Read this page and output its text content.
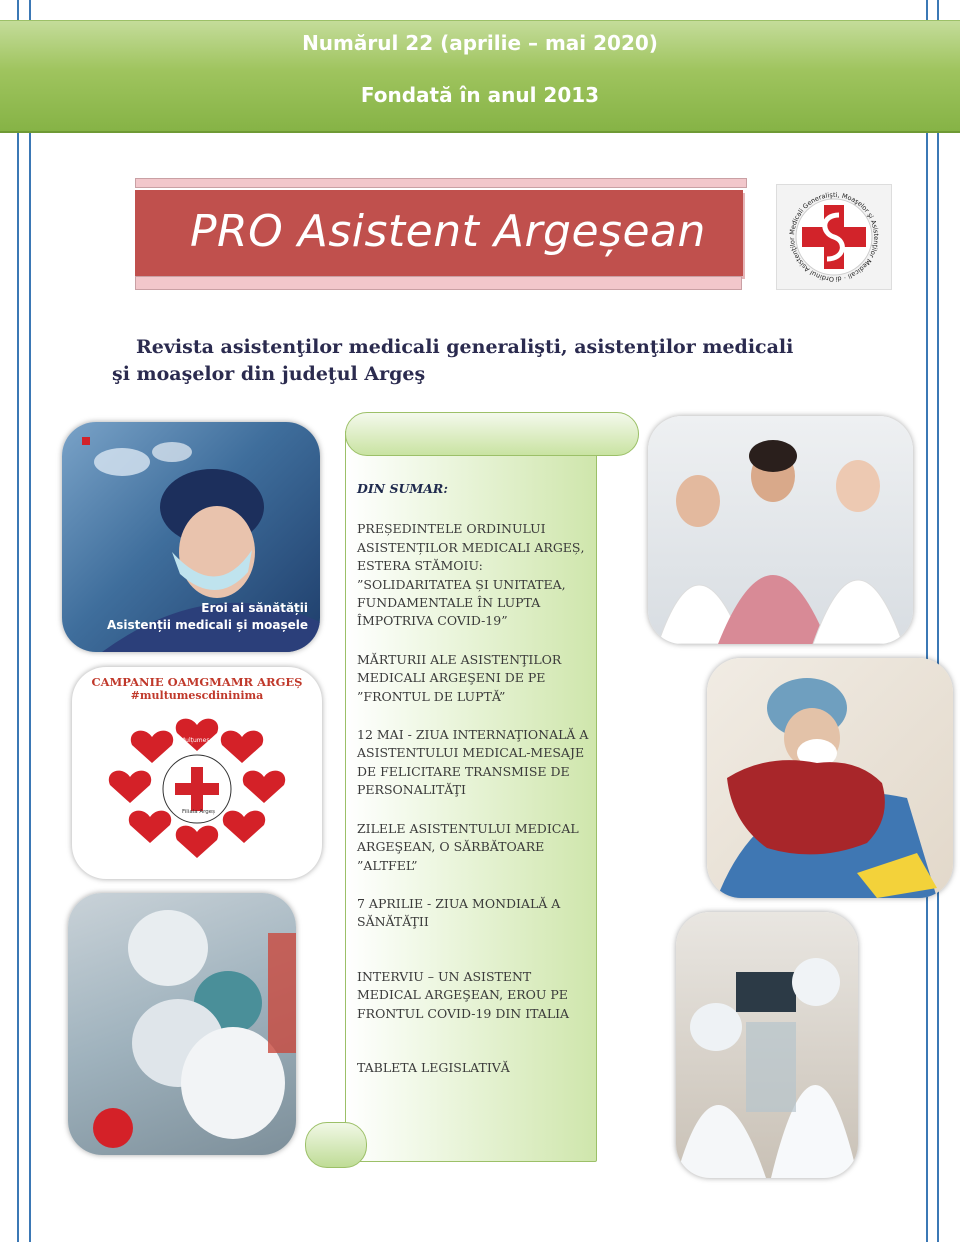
Numărul 22 (aprilie – mai 2020)
Fondată în anul 2013
PRO Asistent Argeșean
Ordinul Asistenţilor Medicali Generalişti, Moaşelor şi Asistenţilor Medicali · di
Revista asistenţilor medicali generalişti, asistenţilor medicali şi moaşelor din judeţul Argeş
Eroi ai sănătății
Asistenții medicali și moașele
CAMPANIE OAMGMAMR ARGEȘ
#multumescdininima
Mulțumesc!
Filiala Argeș
DIN SUMAR:
PREȘEDINTELE ORDINULUI ASISTENȚILOR MEDICALI ARGEȘ, ESTERA STĂMOIU: ”SOLIDARITATEA ȘI UNITATEA, FUNDAMENTALE ÎN LUPTA ÎMPOTRIVA COVID-19”
MĂRTURII ALE ASISTENŢILOR MEDICALI ARGEŞENI DE PE ”FRONTUL DE LUPTĂ”
12 MAI - ZIUA INTERNAŢIONALĂ A ASISTENTULUI MEDICAL-MESAJE DE FELICITARE TRANSMISE DE PERSONALITĂŢI
ZILELE ASISTENTULUI MEDICAL ARGEŞEAN, O SĂRBĂTOARE ”ALTFEL”
7 APRILIE - ZIUA MONDIALĂ A SĂNĂTĂŢII
INTERVIU – UN ASISTENT MEDICAL ARGEŞEAN, EROU PE FRONTUL COVID-19 DIN ITALIA
TABLETA LEGISLATIVĂ
